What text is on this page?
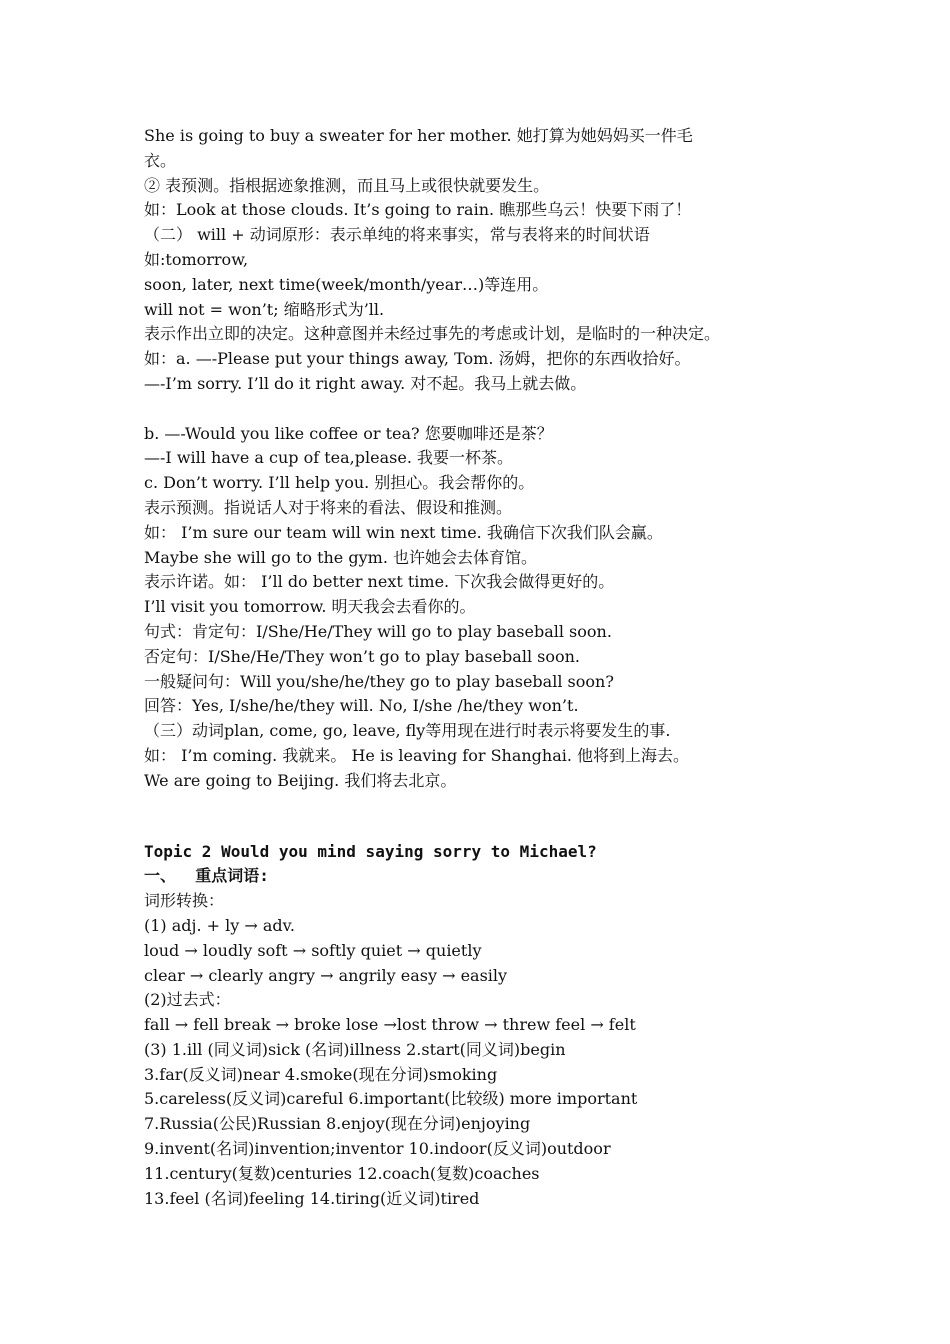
She is going to buy a sweater for her mother. 她打算为她妈妈买一件毛
衣。
② 表预测。指根据迹象推测，而且马上或很快就要发生。
如：Look at those clouds. It’s going to rain. 瞧那些乌云！快要下雨了！
（二） will + 动词原形：表示单纯的将来事实，常与表将来的时间状语
如:tomorrow,
soon, later, next time(week/month/year…)等连用。
will not = won’t; 缩略形式为’ll.
表示作出立即的决定。这种意图并未经过事先的考虑或计划，是临时的一种决定。
如：a. —-Please put your things away, Tom. 汤姆，把你的东西收拾好。
—-I’m sorry. I’ll do it right away. 对不起。我马上就去做。
b. —-Would you like coffee or tea? 您要咖啡还是茶？
—-I will have a cup of tea,please. 我要一杯茶。
c. Don’t worry. I’ll help you. 别担心。我会帮你的。
表示预测。指说话人对于将来的看法、假设和推测。
如： I’m sure our team will win next time. 我确信下次我们队会赢。
Maybe she will go to the gym. 也许她会去体育馆。
表示许诺。如： I’ll do better next time. 下次我会做得更好的。
I’ll visit you tomorrow. 明天我会去看你的。
句式：肯定句：I/She/He/They will go to play baseball soon.
否定句：I/She/He/They won’t go to play baseball soon.
一般疑问句：Will you/she/he/they go to play baseball soon?
回答：Yes, I/she/he/they will. No, I/she /he/they won’t.
（三）动词plan, come, go, leave, fly等用现在进行时表示将要发生的事.
如： I’m coming. 我就来。 He is leaving for Shanghai. 他将到上海去。
We are going to Beijing. 我们将去北京。
Topic 2 Would you mind saying sorry to Michael?
一、  重点词语:
词形转换：
(1) adj. + ly → adv.
loud → loudly soft → softly quiet → quietly
clear → clearly angry → angrily easy → easily
(2)过去式：
fall → fell break → broke lose →lost throw → threw feel → felt
(3) 1.ill (同义词)sick (名词)illness 2.start(同义词)begin
3.far(反义词)near 4.smoke(现在分词)smoking
5.careless(反义词)careful 6.important(比较级) more important
7.Russia(公民)Russian 8.enjoy(现在分词)enjoying
9.invent(名词)invention;inventor 10.indoor(反义词)outdoor
11.century(复数)centuries 12.coach(复数)coaches
13.feel (名词)feeling 14.tiring(近义词)tired
